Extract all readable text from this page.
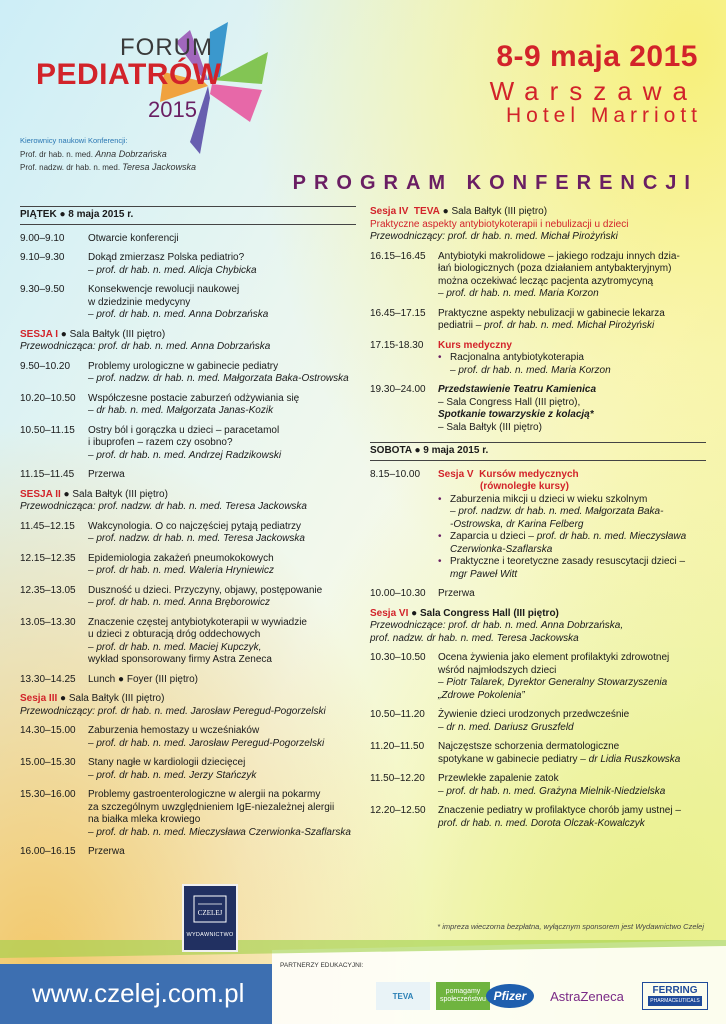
FORUM
PEDIATRÓW
2015
Kierownicy naukowi Konferencji:
Prof. dr hab. n. med. Anna Dobrzańska
Prof. nadzw. dr hab. n. med. Teresa Jackowska
8-9 maja 2015
Warszawa
Hotel Marriott
PROGRAM KONFERENCJI
PIĄTEK ● 8 maja 2015 r.
9.00–9.10	Otwarcie konferencji
9.10–9.30	Dokąd zmierzasz Polska pediatrio?
– prof. dr hab. n. med. Alicja Chybicka
9.30–9.50	Konsekwencje rewolucji naukowej
w dziedzinie medycyny
– prof. dr hab. n. med. Anna Dobrzańska
SESJA I ● Sala Bałtyk (III piętro)
Przewodnicząca: prof. dr hab. n. med. Anna Dobrzańska
9.50–10.20	Problemy urologiczne w gabinecie pediatry
– prof. nadzw. dr hab. n. med. Małgorzata Baka-Ostrowska
10.20–10.50	Współczesne postacie zaburzeń odżywiania się
– dr hab. n. med. Małgorzata Janas-Kozik
10.50–11.15	Ostry ból i gorączka u dzieci – paracetamol
i ibuprofen – razem czy osobno?
– prof. dr hab. n. med. Andrzej Radzikowski
11.15–11.45	Przerwa
SESJA II ● Sala Bałtyk (III piętro)
Przewodnicząca: prof. nadzw. dr hab. n. med. Teresa Jackowska
11.45–12.15	Wakcynologia. O co najczęściej pytają pediatrzy
– prof. nadzw. dr hab. n. med. Teresa Jackowska
12.15–12.35	Epidemiologia zakażeń pneumokokowych
– prof. dr hab. n. med. Waleria Hryniewicz
12.35–13.05	Duszność u dzieci. Przyczyny, objawy, postępowanie
– prof. dr hab. n. med. Anna Bręborowicz
13.05–13.30	Znaczenie częstej antybiotykoterapii w wywiadzie
u dzieci z obturacją dróg oddechowych
– prof. dr hab. n. med. Maciej Kupczyk,
wykład sponsorowany firmy Astra Zeneca
13.30–14.25	Lunch ● Foyer (III piętro)
Sesja III ● Sala Bałtyk (III piętro)
Przewodniczący: prof. dr hab. n. med. Jarosław Peregud-Pogorzelski
14.30–15.00	Zaburzenia hemostazy u wcześniaków
– prof. dr hab. n. med. Jarosław Peregud-Pogorzelski
15.00–15.30	Stany nagłe w kardiologii dziecięcej
– prof. dr hab. n. med. Jerzy Stańczyk
15.30–16.00	Problemy gastroenterologiczne w alergii na pokarmy
za szczególnym uwzględnieniem IgE-niezależnej alergii
na białka mleka krowiego
– prof. dr hab. n. med. Mieczysława Czerwionka-Szaflarska
16.00–16.15	Przerwa
Sesja IV TEVA ● Sala Bałtyk (III piętro)
Praktyczne aspekty antybiotykoterapii i nebulizacji u dzieci
Przewodniczący: prof. dr hab. n. med. Michał Pirożyński
16.15–16.45	Antybiotyki makrolidowe – jakiego rodzaju innych dzia-
łań biologicznych (poza działaniem antybakteryjnym)
można oczekiwać lecząc pacjenta azytromycyną
– prof. dr hab. n. med. Maria Korzon
16.45–17.15	Praktyczne aspekty nebulizacji w gabinecie lekarza
pediatrii – prof. dr hab. n. med. Michał Pirożyński
17.15-18.30	Kurs medyczny
• Racjonalna antybiotykoterapia
– prof. dr hab. n. med. Maria Korzon
19.30–24.00	Przedstawienie Teatru Kamienica
– Sala Congress Hall (III piętro),
Spotkanie towarzyskie z kolacją*
– Sala Bałtyk (III piętro)
SOBOTA ● 9 maja 2015 r.
8.15–10.00	Sesja V Kursów medycznych
(równoległe kursy)
• Zaburzenia mikcji u dzieci w wieku szkolnym
– prof. nadzw. dr hab. n. med. Małgorzata Baka-
-Ostrowska, dr Karina Felberg
• Zaparcia u dzieci – prof. dr hab. n. med. Mieczysława
Czerwionka-Szaflarska
• Praktyczne i teoretyczne zasady resuscytacji dzieci –
mgr Paweł Witt
10.00–10.30	Przerwa
Sesja VI ● Sala Congress Hall (III piętro)
Przewodniczące: prof. dr hab. n. med. Anna Dobrzańska,
prof. nadzw. dr hab. n. med. Teresa Jackowska
10.30–10.50	Ocena żywienia jako element profilaktyki zdrowotnej
wśród najmłodszych dzieci
– Piotr Talarek, Dyrektor Generalny Stowarzyszenia
„Zdrowe Pokolenia”
10.50–11.20	Żywienie dzieci urodzonych przedwcześnie
– dr n. med. Dariusz Gruszfeld
11.20–11.50	Najczęstsze schorzenia dermatologiczne
spotykane w gabinecie pediatry – dr Lidia Ruszkowska
11.50–12.20	Przewlekłe zapalenie zatok
– prof. dr hab. n. med. Grażyna Mielnik-Niedzielska
12.20–12.50	Znaczenie pediatry w profilaktyce chorób jamy ustnej –
prof. dr hab. n. med. Dorota Olczak-Kowalczyk
* impreza wieczorna bezpłatna, wyłącznym sponsorem jest Wydawnictwo Czelej
www.czelej.com.pl
CZELEJ
WYDAWNICTWO
PARTNERZY EDUKACYJNI:
TEVA	pomagamy
społeczeństwu Pfizer	AstraZeneca	FERRING
PHARMACEUTICALS
